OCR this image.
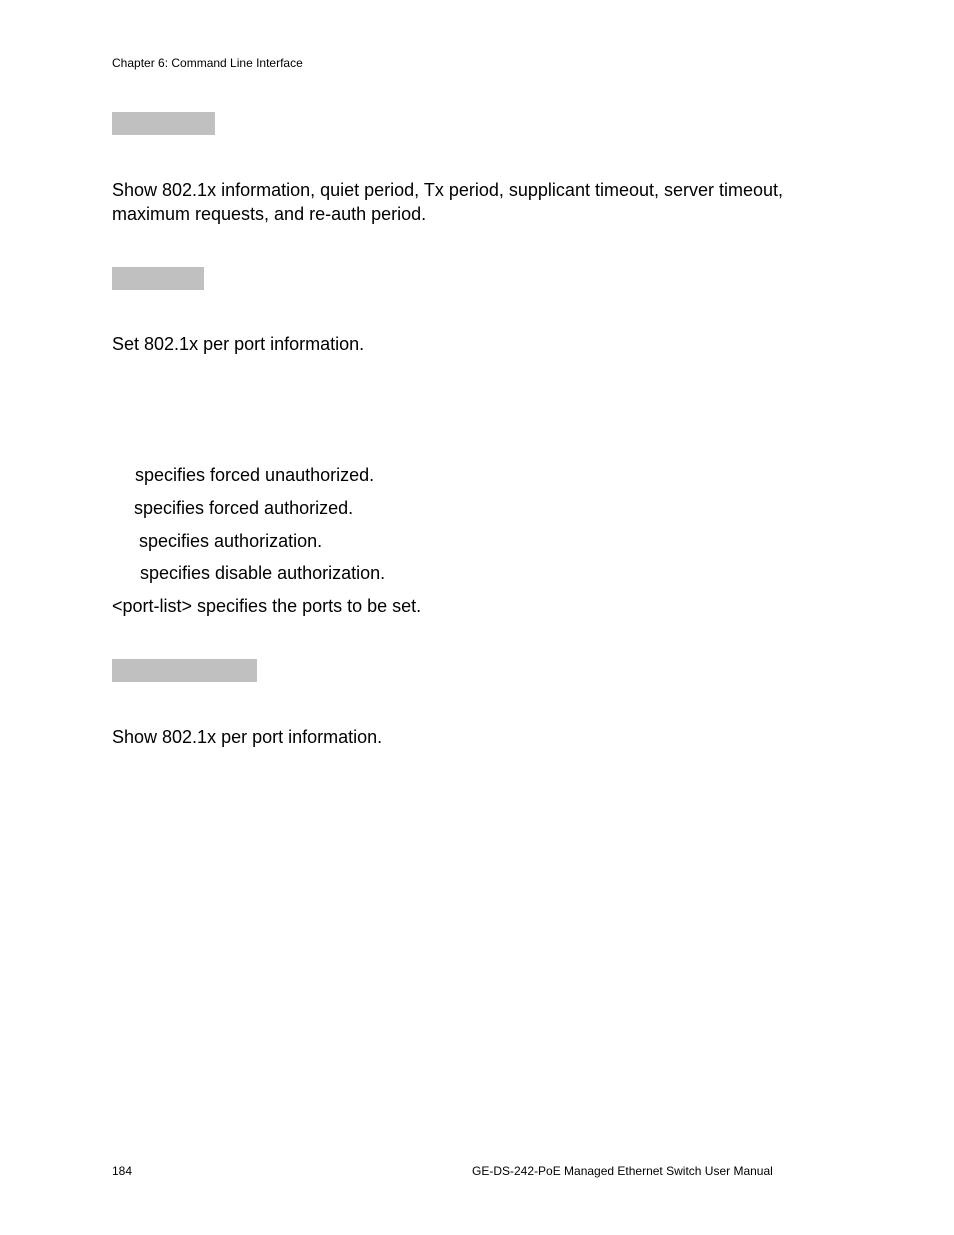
Chapter 6: Command Line Interface
Show 802.1x information, quiet period, Tx period, supplicant timeout, server timeout, maximum requests, and re-auth period.
Set 802.1x per port information.
specifies forced unauthorized.
specifies forced authorized.
specifies authorization.
specifies disable authorization.
<port-list> specifies the ports to be set.
Show 802.1x per port information.
184	GE-DS-242-PoE Managed Ethernet Switch User Manual
